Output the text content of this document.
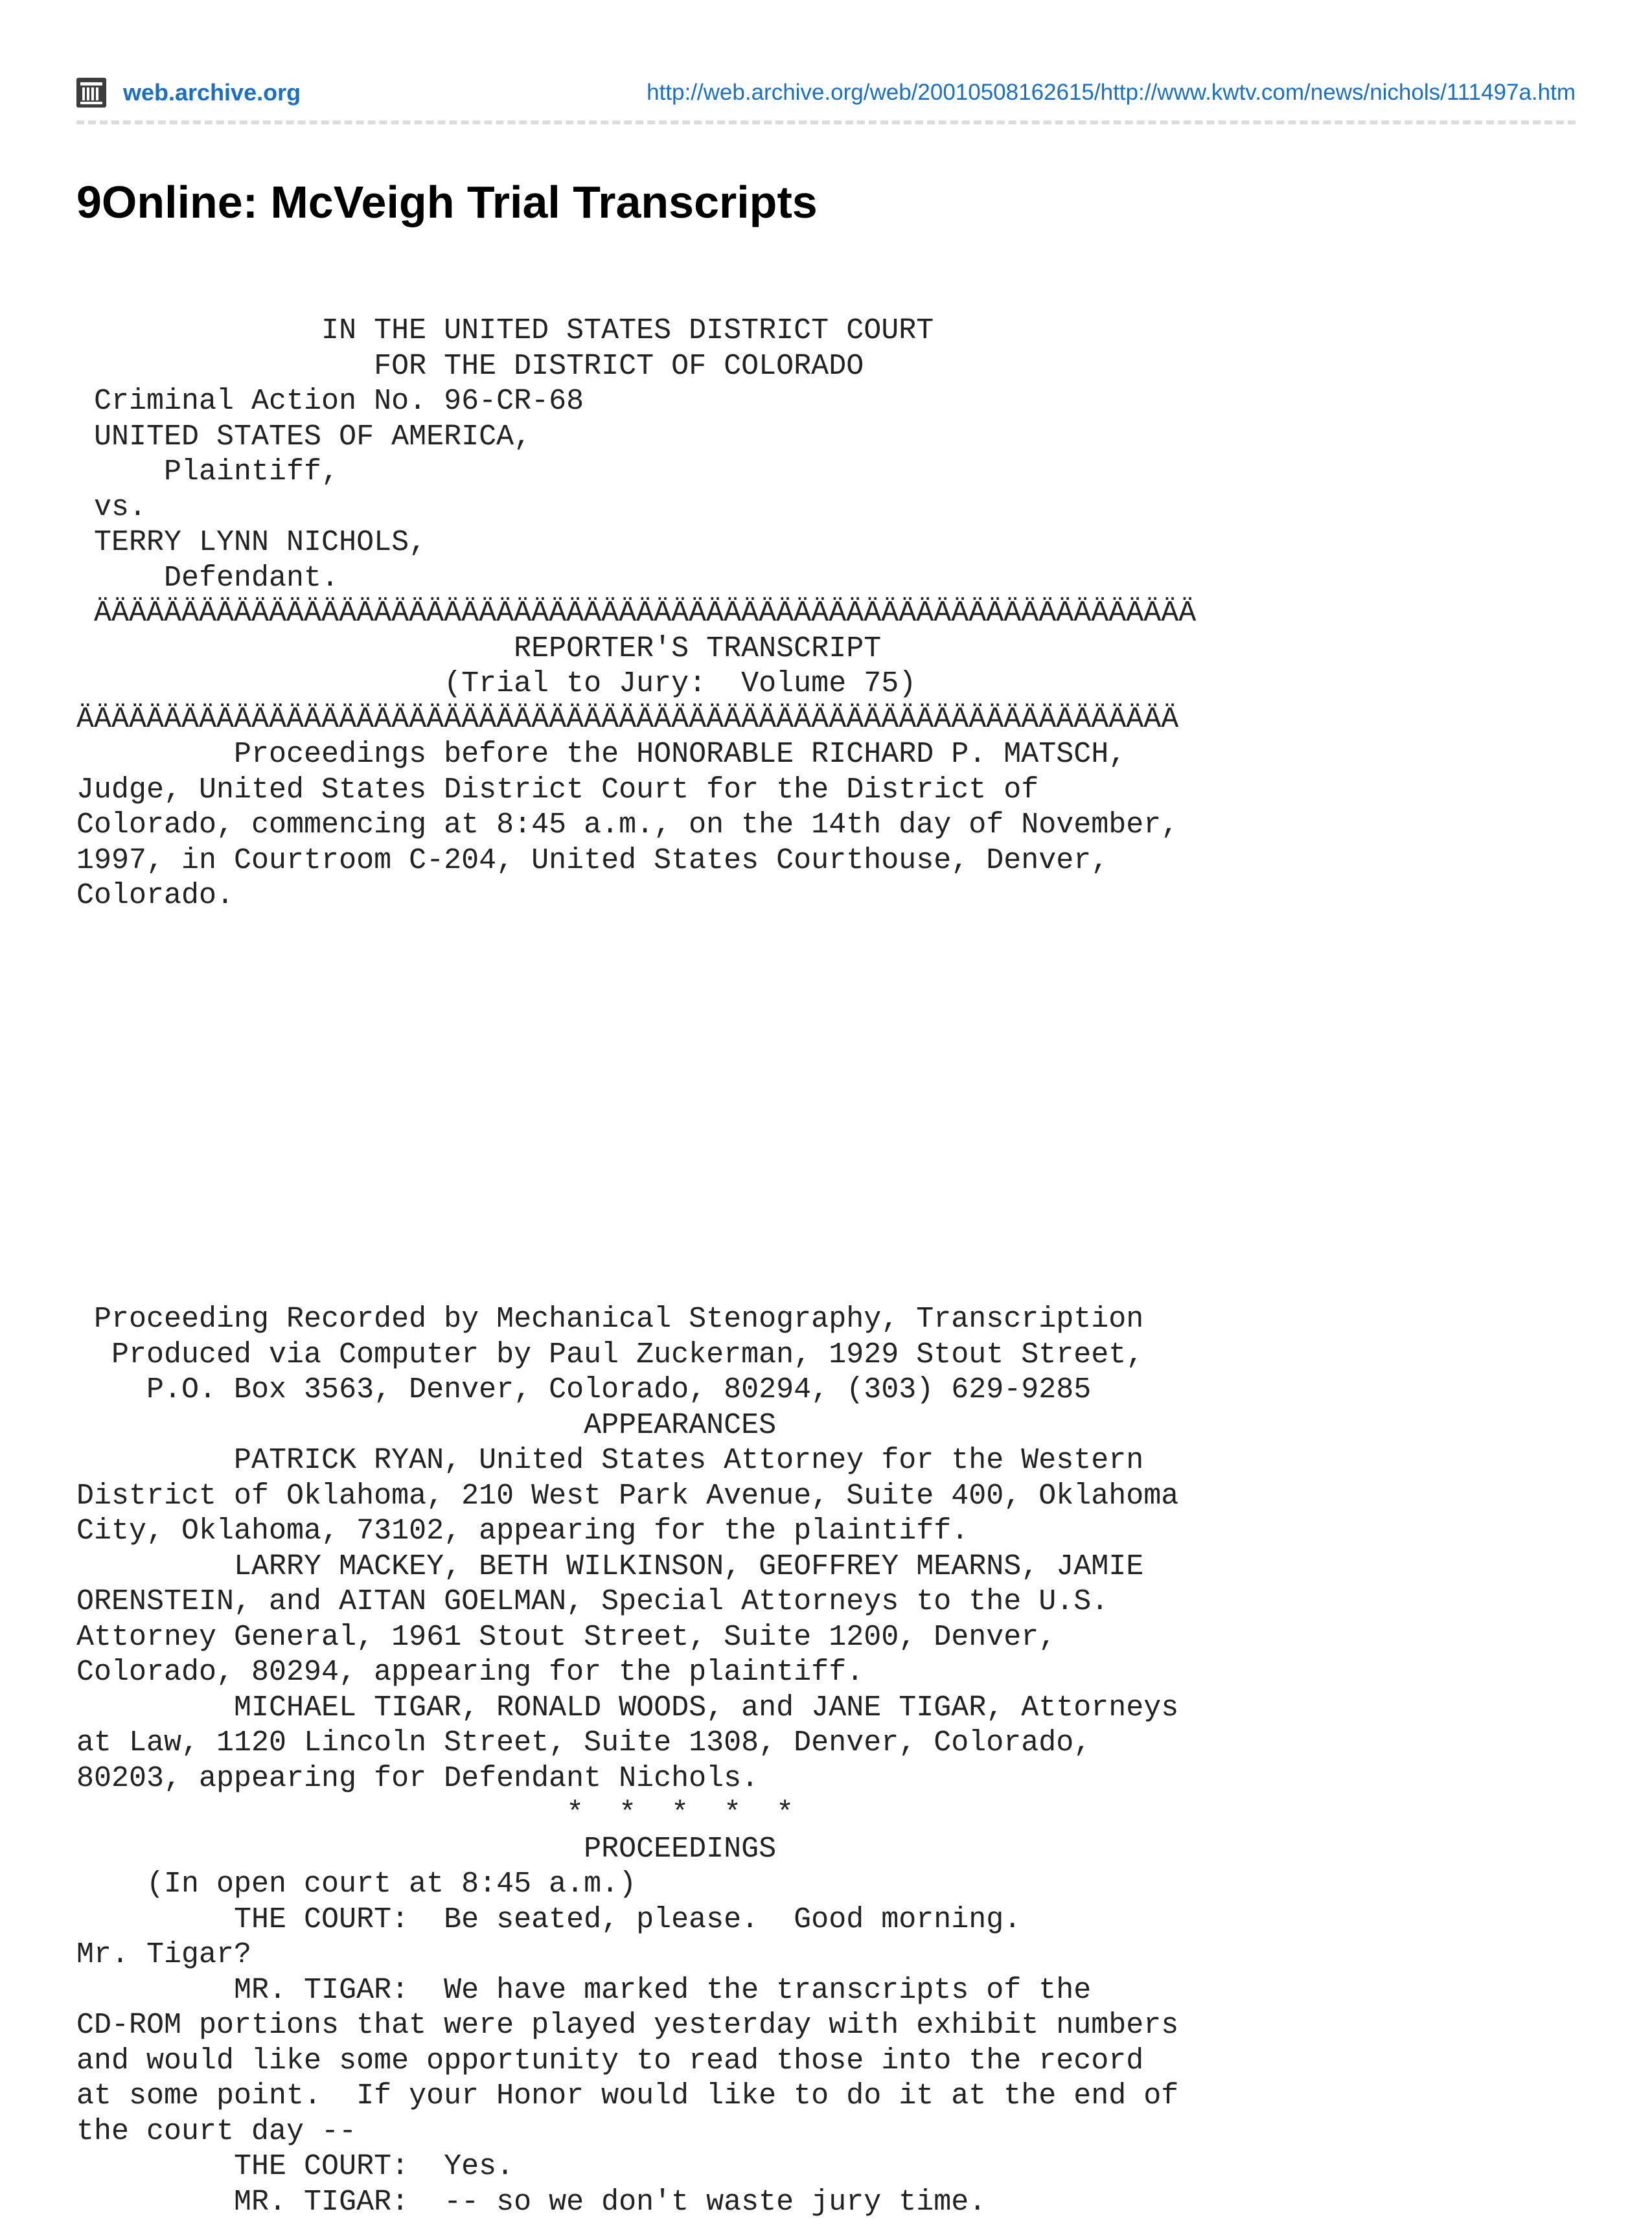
web.archive.org	http://web.archive.org/web/20010508162615/http://www.kwtv.com/news/nichols/111497a.htm
9Online: McVeigh Trial Transcripts
IN THE UNITED STATES DISTRICT COURT
FOR THE DISTRICT OF COLORADO
Criminal Action No. 96-CR-68
UNITED STATES OF AMERICA,
Plaintiff,
vs.
TERRY LYNN NICHOLS,
Defendant.
ÄÄÄÄÄÄÄÄÄÄÄÄÄÄÄÄÄÄÄÄÄÄÄÄÄÄÄÄÄÄÄÄÄÄÄÄÄÄÄÄÄÄÄÄÄÄÄÄÄÄÄÄÄÄÄÄÄÄÄÄÄÄÄ
REPORTER'S TRANSCRIPT
(Trial to Jury:  Volume 75)
ÄÄÄÄÄÄÄÄÄÄÄÄÄÄÄÄÄÄÄÄÄÄÄÄÄÄÄÄÄÄÄÄÄÄÄÄÄÄÄÄÄÄÄÄÄÄÄÄÄÄÄÄÄÄÄÄÄÄÄÄÄÄÄ
Proceedings before the HONORABLE RICHARD P. MATSCH,
Judge, United States District Court for the District of
Colorado, commencing at 8:45 a.m., on the 14th day of November,
1997, in Courtroom C-204, United States Courthouse, Denver,
Colorado.
Proceeding Recorded by Mechanical Stenography, Transcription
Produced via Computer by Paul Zuckerman, 1929 Stout Street,
P.O. Box 3563, Denver, Colorado, 80294, (303) 629-9285
APPEARANCES
PATRICK RYAN, United States Attorney for the Western
District of Oklahoma, 210 West Park Avenue, Suite 400, Oklahoma
City, Oklahoma, 73102, appearing for the plaintiff.
LARRY MACKEY, BETH WILKINSON, GEOFFREY MEARNS, JAMIE
ORENSTEIN, and AITAN GOELMAN, Special Attorneys to the U.S.
Attorney General, 1961 Stout Street, Suite 1200, Denver,
Colorado, 80294, appearing for the plaintiff.
MICHAEL TIGAR, RONALD WOODS, and JANE TIGAR, Attorneys
at Law, 1120 Lincoln Street, Suite 1308, Denver, Colorado,
80203, appearing for Defendant Nichols.
*  *  *  *  *
PROCEEDINGS
(In open court at 8:45 a.m.)
THE COURT:  Be seated, please.  Good morning.
Mr. Tigar?
MR. TIGAR:  We have marked the transcripts of the
CD-ROM portions that were played yesterday with exhibit numbers
and would like some opportunity to read those into the record
at some point.  If your Honor would like to do it at the end of
the court day --
THE COURT:  Yes.
MR. TIGAR:  -- so we don't waste jury time.
